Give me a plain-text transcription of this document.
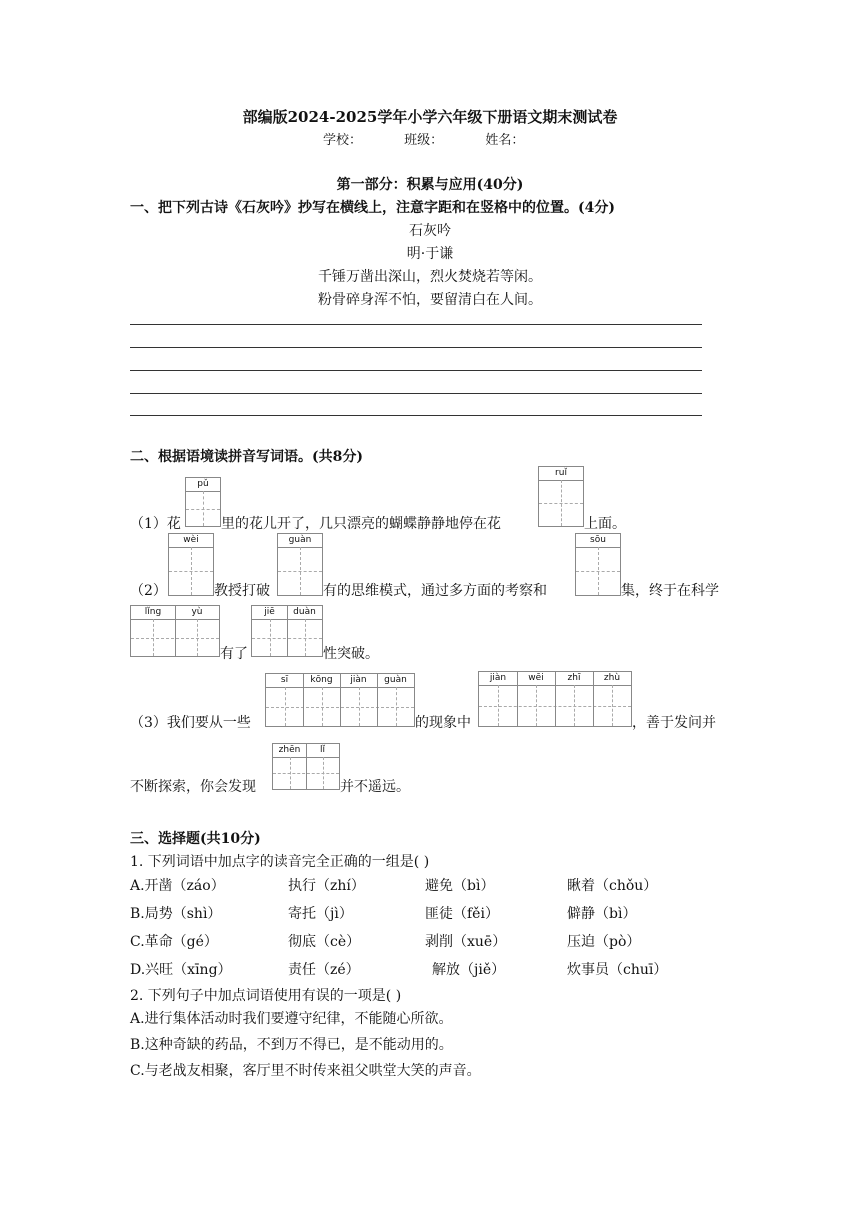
部编版2024-2025学年小学六年级下册语文期末测试卷
学校：	班级：	姓名：
第一部分：积累与应用(40分)
一、把下列古诗《石灰吟》抄写在横线上，注意字距和在竖格中的位置。(4分)
石灰吟
明·于谦
千锤万凿出深山，烈火焚烧若等闲。
粉骨碎身浑不怕，要留清白在人间。
二、根据语境读拼音写词语。(共8分)
（1）花
pǔ
里的花儿开了，几只漂亮的蝴蝶静静地停在花
ruǐ
上面。
（2）
wèi
教授打破
guàn
有的思维模式，通过多方面的考察和
sōu
集，终于在科学
lǐng	yù
有了
jiē	duàn
性突破。
（3）我们要从一些
sī	kōng	jiàn	guàn
的现象中
jiàn	wēi	zhī	zhù
，善于发问并
不断探索，你会发现
zhēn	lǐ
并不遥远。
三、选择题(共10分)
1. 下列词语中加点字的读音完全正确的一组是( )
A.开凿（záo）	执行（zhí）	避免（bì）	瞅着（chǒu）
B.局势（shì）	寄托（jì）	匪徒（fěi）	僻静（bì）
C.革命（gé）	彻底（cè）	剥削（xuē）	压迫（pò）
D.兴旺（xīng）	责任（zé）	解放（jiě）	炊事员（chuī）
2. 下列句子中加点词语使用有误的一项是( )
A.进行集体活动时我们要遵守纪律，不能随心所欲。
B.这种奇缺的药品，不到万不得已，是不能动用的。
C.与老战友相聚，客厅里不时传来祖父哄堂大笑的声音。
